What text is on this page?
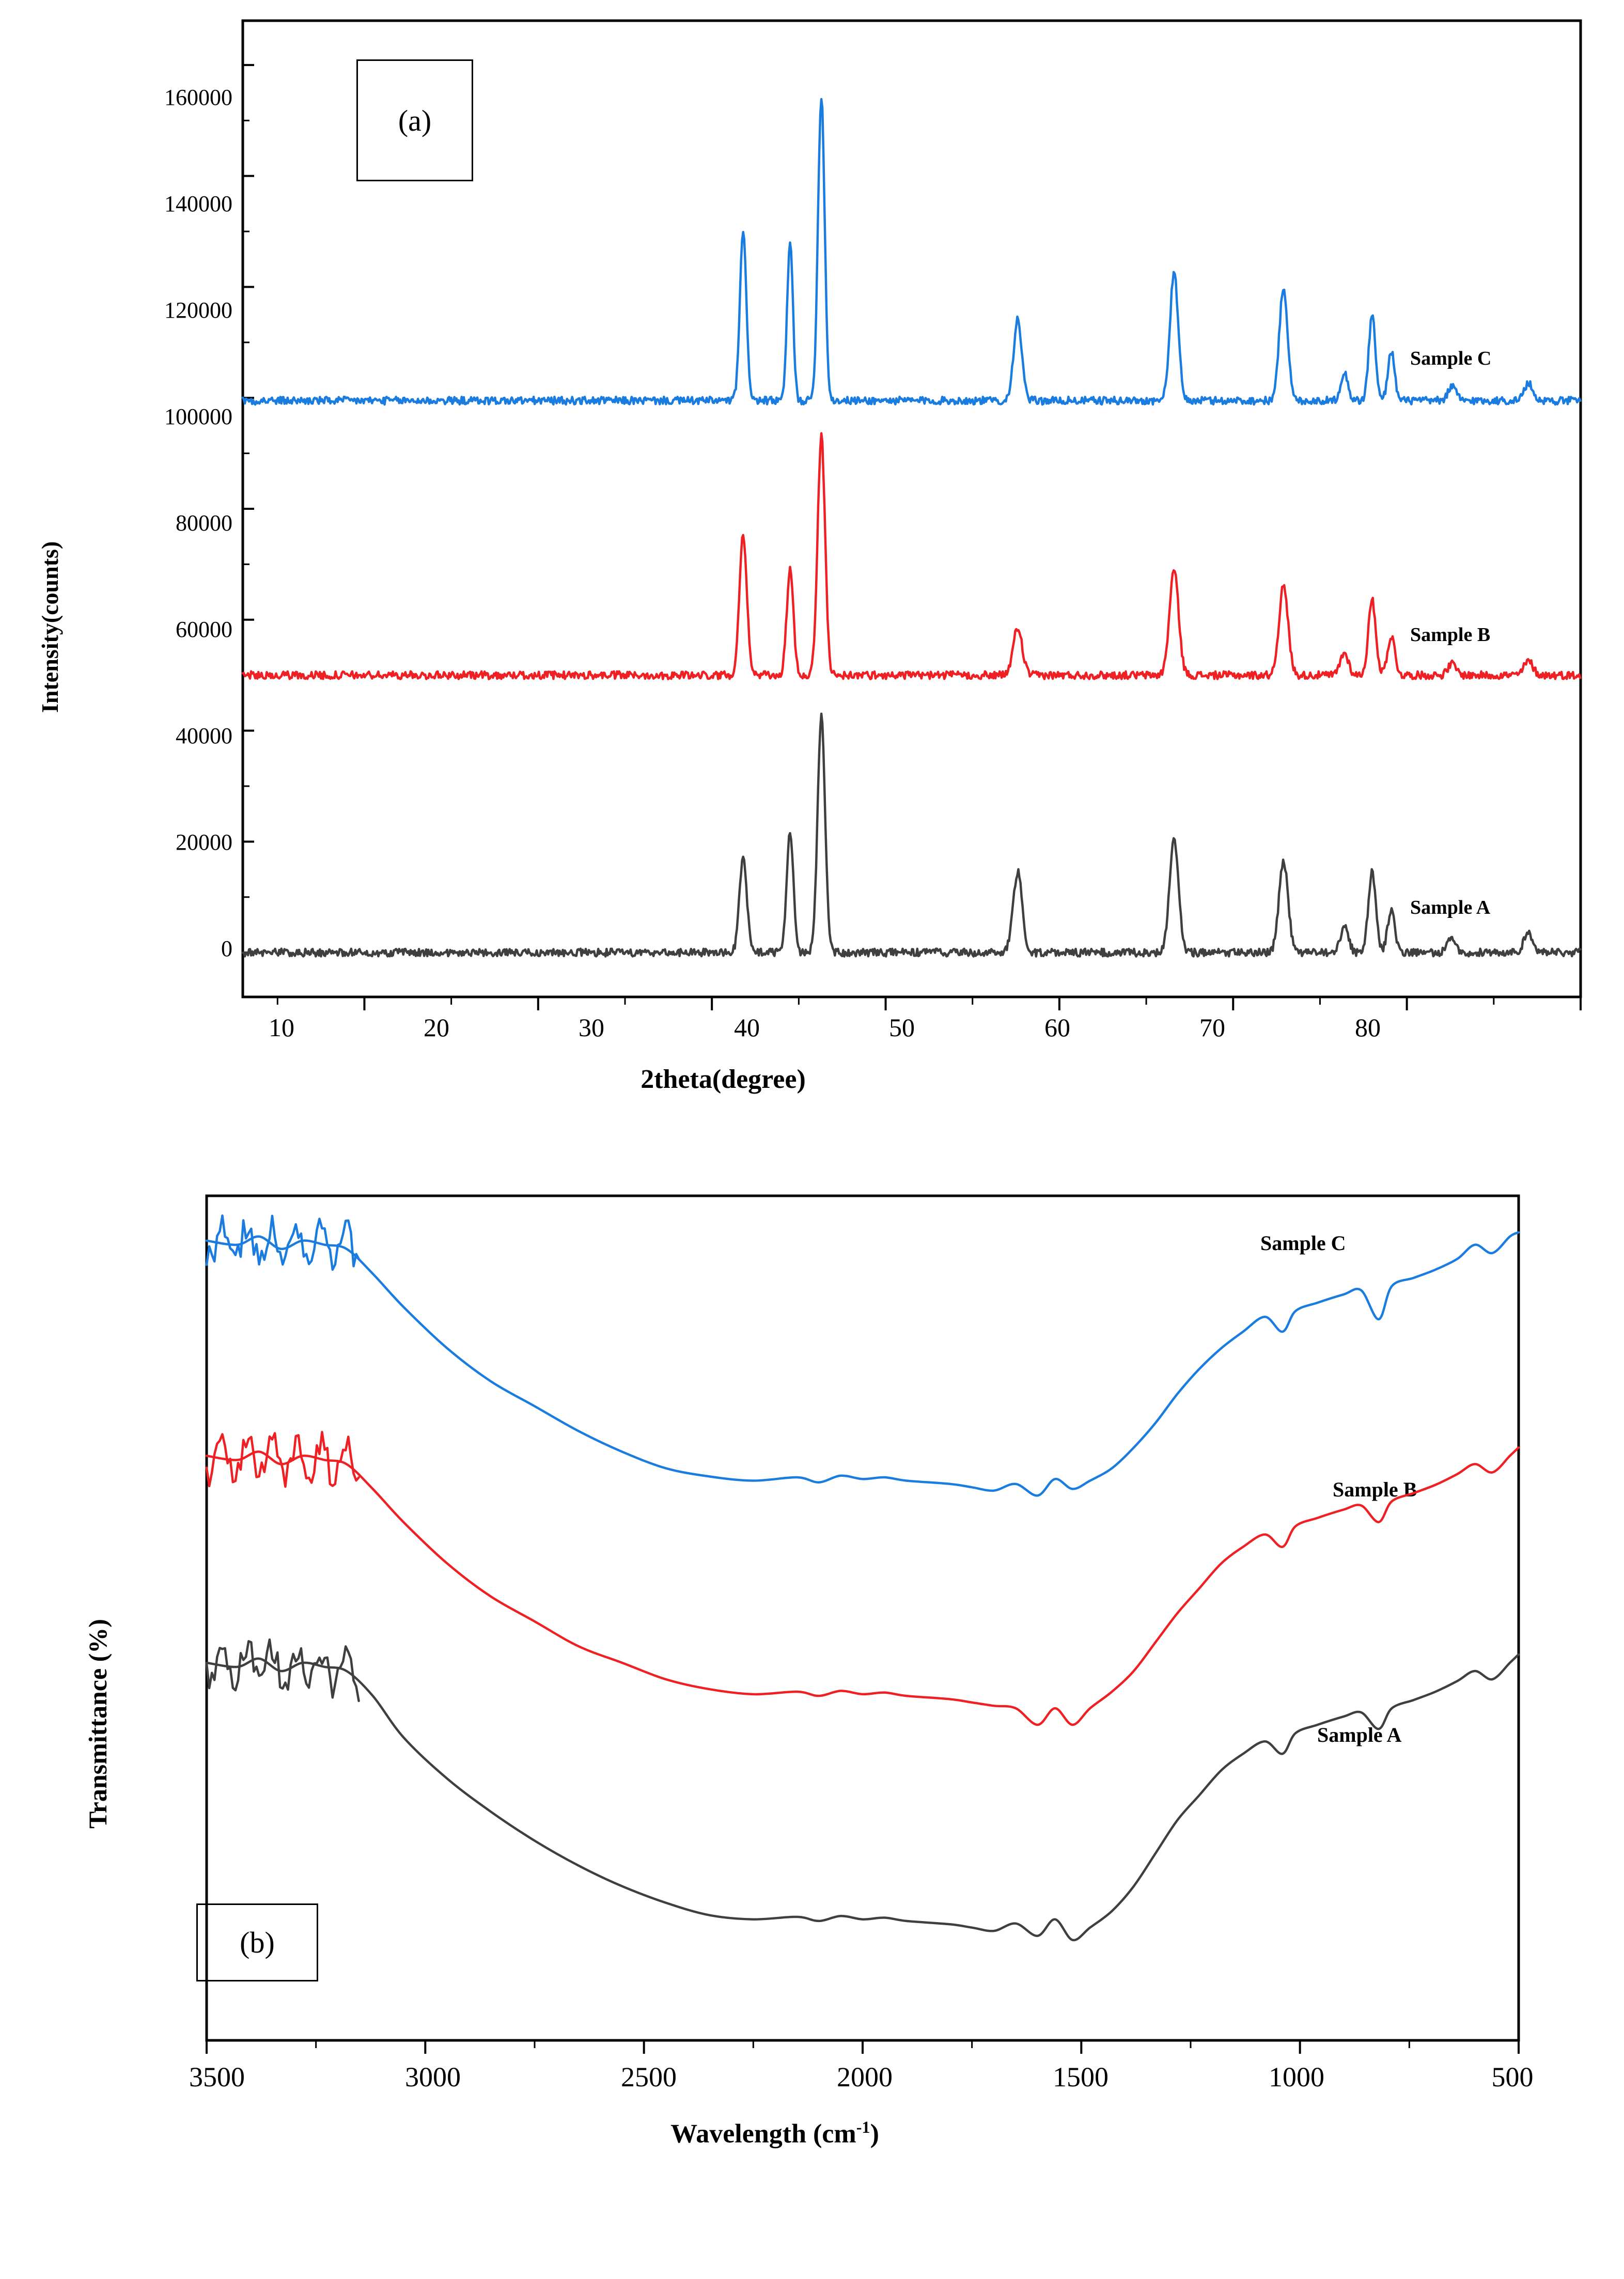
Intensity(counts)
0
20000
40000
60000
80000
100000
120000
140000
160000
10	20	30	40	50	60	70	80
2theta(degree)
(a)
Sample C
Sample B
Sample A
Transmittance (%)
3500	3000	2500	2000	1500	1000	500
Wavelength $(cm^{-1})$
(b)
Sample C
Sample B
Sample A
